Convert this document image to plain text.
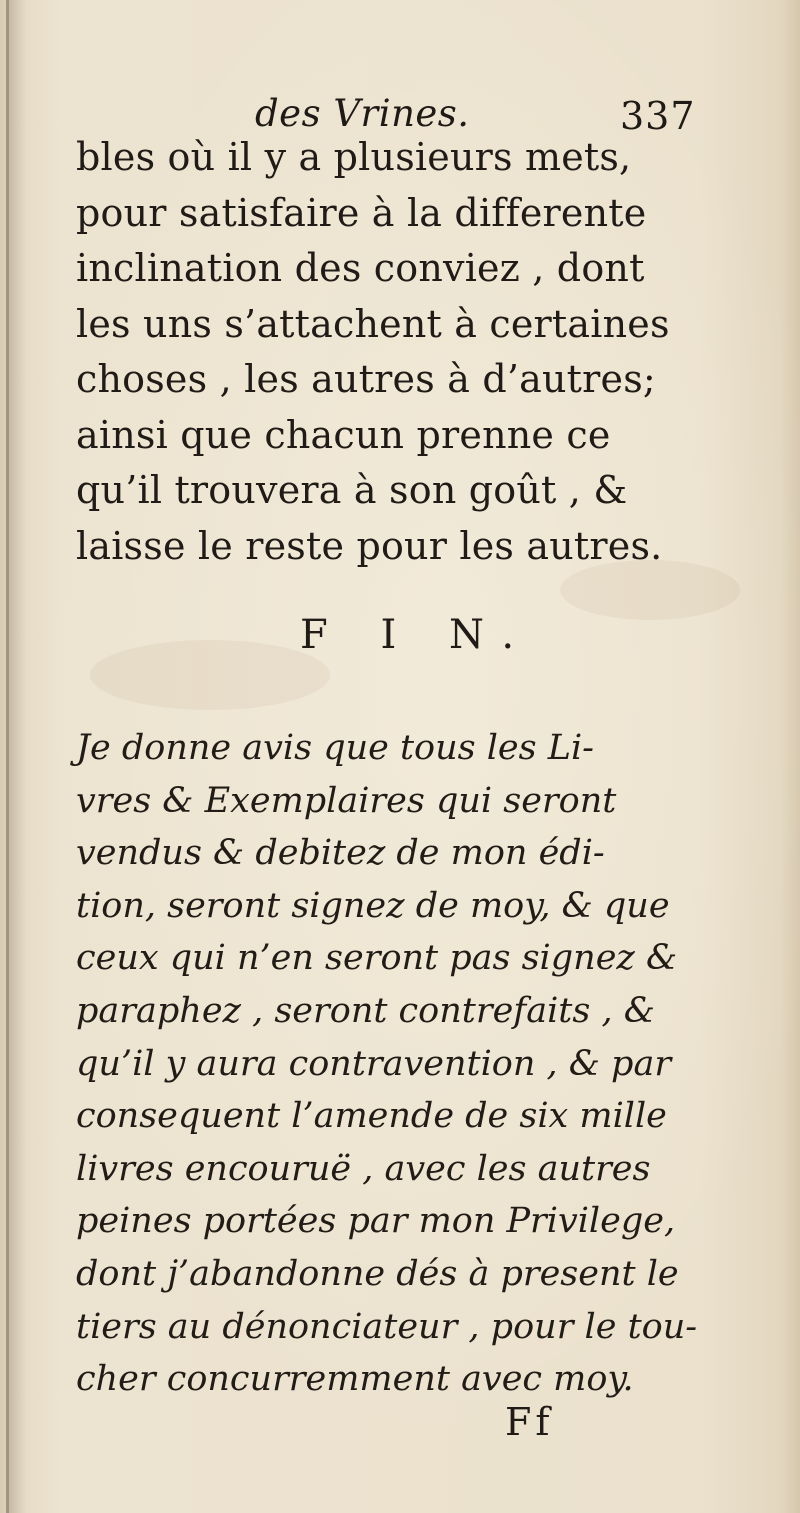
des Vrines.	337
bles où il y a plusieurs mets,
pour satisfaire à la differente
inclination des conviez , dont
les uns s’attachent à certaines
choses , les autres à d’autres;
ainsi que chacun prenne ce
qu’il trouvera à son goût , &
laisse le reste pour les autres.
F I N.
Je donne avis que tous les Li-
vres & Exemplaires qui seront
vendus & debitez de mon édi-
tion, seront signez de moy, & que
ceux qui n’en seront pas signez &
paraphez , seront contrefaits , &
qu’il y aura contravention , & par
consequent l’amende de six mille
livres encouruë , avec les autres
peines portées par mon Privilege,
dont j’abandonne dés à present le
tiers au dénonciateur , pour le tou-
cher concurremment avec moy.
Ff
